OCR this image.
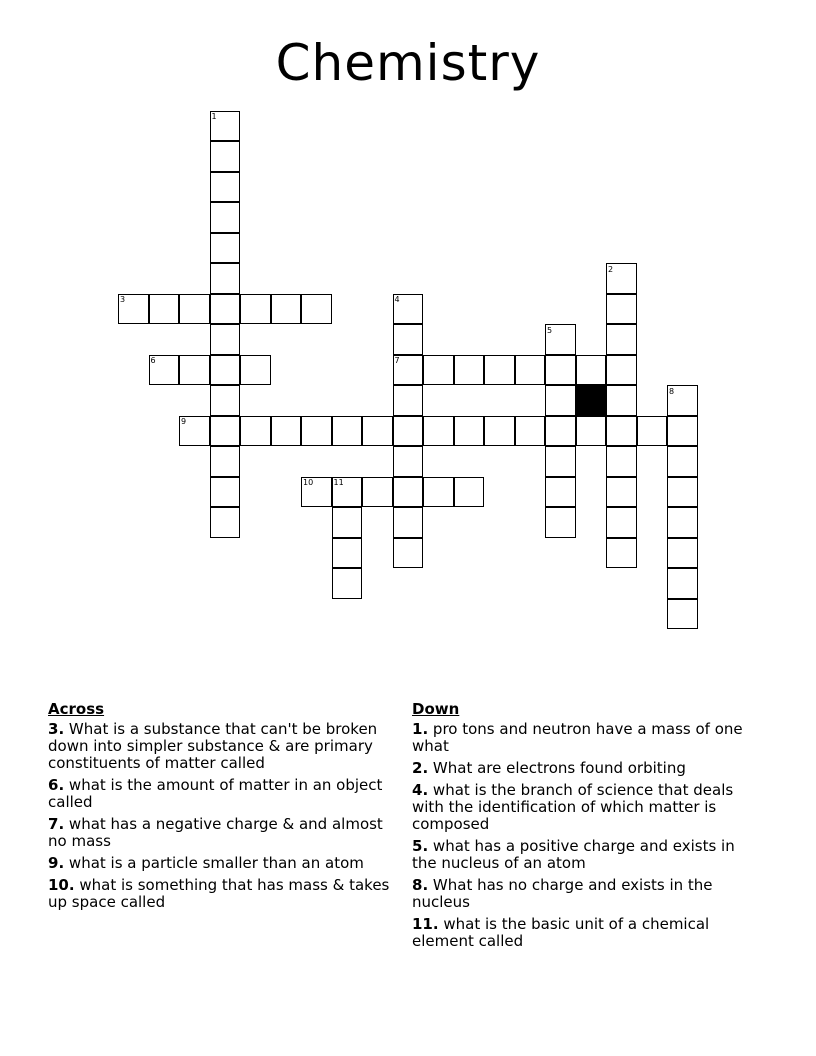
Chemistry
1
2
3	4
5
6	7
8
9
10	11
Across
3. What is a substance that can't be broken down into simpler substance & are primary constituents of matter called
6. what is the amount of matter in an object called
7. what has a negative charge & and almost no mass
9. what is a particle smaller than an atom
10. what is something that has mass & takes up space called
Down
1. pro tons and neutron have a mass of one what
2. What are electrons found orbiting
4. what is the branch of science that deals with the identification of which matter is composed
5. what has a positive charge and exists in the nucleus of an atom
8. What has no charge and exists in the nucleus
11. what is the basic unit of a chemical element called
